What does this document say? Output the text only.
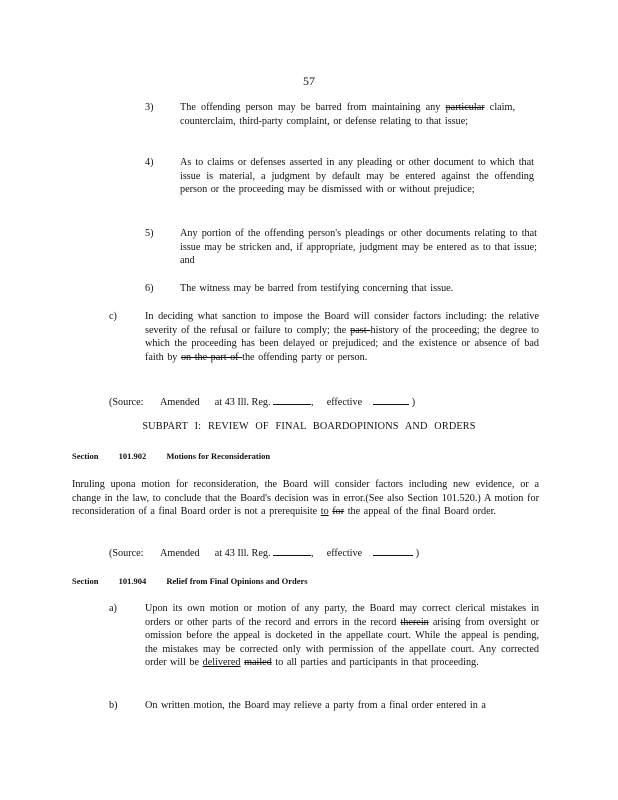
57
3)	The offending person may be barred from maintaining any particular claim, counterclaim, third-party complaint, or defense relating to that issue;
4)	As to claims or defenses asserted in any pleading or other document to which that issue is material, a judgment by default may be entered against the offending person or the proceeding may be dismissed with or without prejudice;
5)	Any portion of the offending person's pleadings or other documents relating to that issue may be stricken and, if appropriate, judgment may be entered as to that issue; and
6)	The witness may be barred from testifying concerning that issue.
c)	In deciding what sanction to impose the Board will consider factors including: the relative severity of the refusal or failure to comply; the past history of the proceeding; the degree to which the proceeding has been delayed or prejudiced; and the existence or absence of bad faith by on the part of the offending party or person.
(Source: Amended at 43 Ill. Reg.	,  effective	)
SUBPART I: REVIEW OF FINAL BOARDOPINIONS AND ORDERS
Section 101.902 Motions for Reconsideration
Inruling upona motion for reconsideration, the Board will consider factors including new evidence, or a change in the law, to conclude that the Board's decision was in error.(See also Section 101.520.) A motion for reconsideration of a final Board order is not a prerequisite to for the appeal of the final Board order.
(Source: Amended at 43 Ill. Reg.	,  effective	)
Section 101.904 Relief from Final Opinions and Orders
a)	Upon its own motion or motion of any party, the Board may correct clerical mistakes in orders or other parts of the record and errors in the record therein arising from oversight or omission before the appeal is docketed in the appellate court. While the appeal is pending, the mistakes may be corrected only with permission of the appellate court. Any corrected order will be delivered mailed to all parties and participants in that proceeding.
b)	On written motion, the Board may relieve a party from a final order entered in a
